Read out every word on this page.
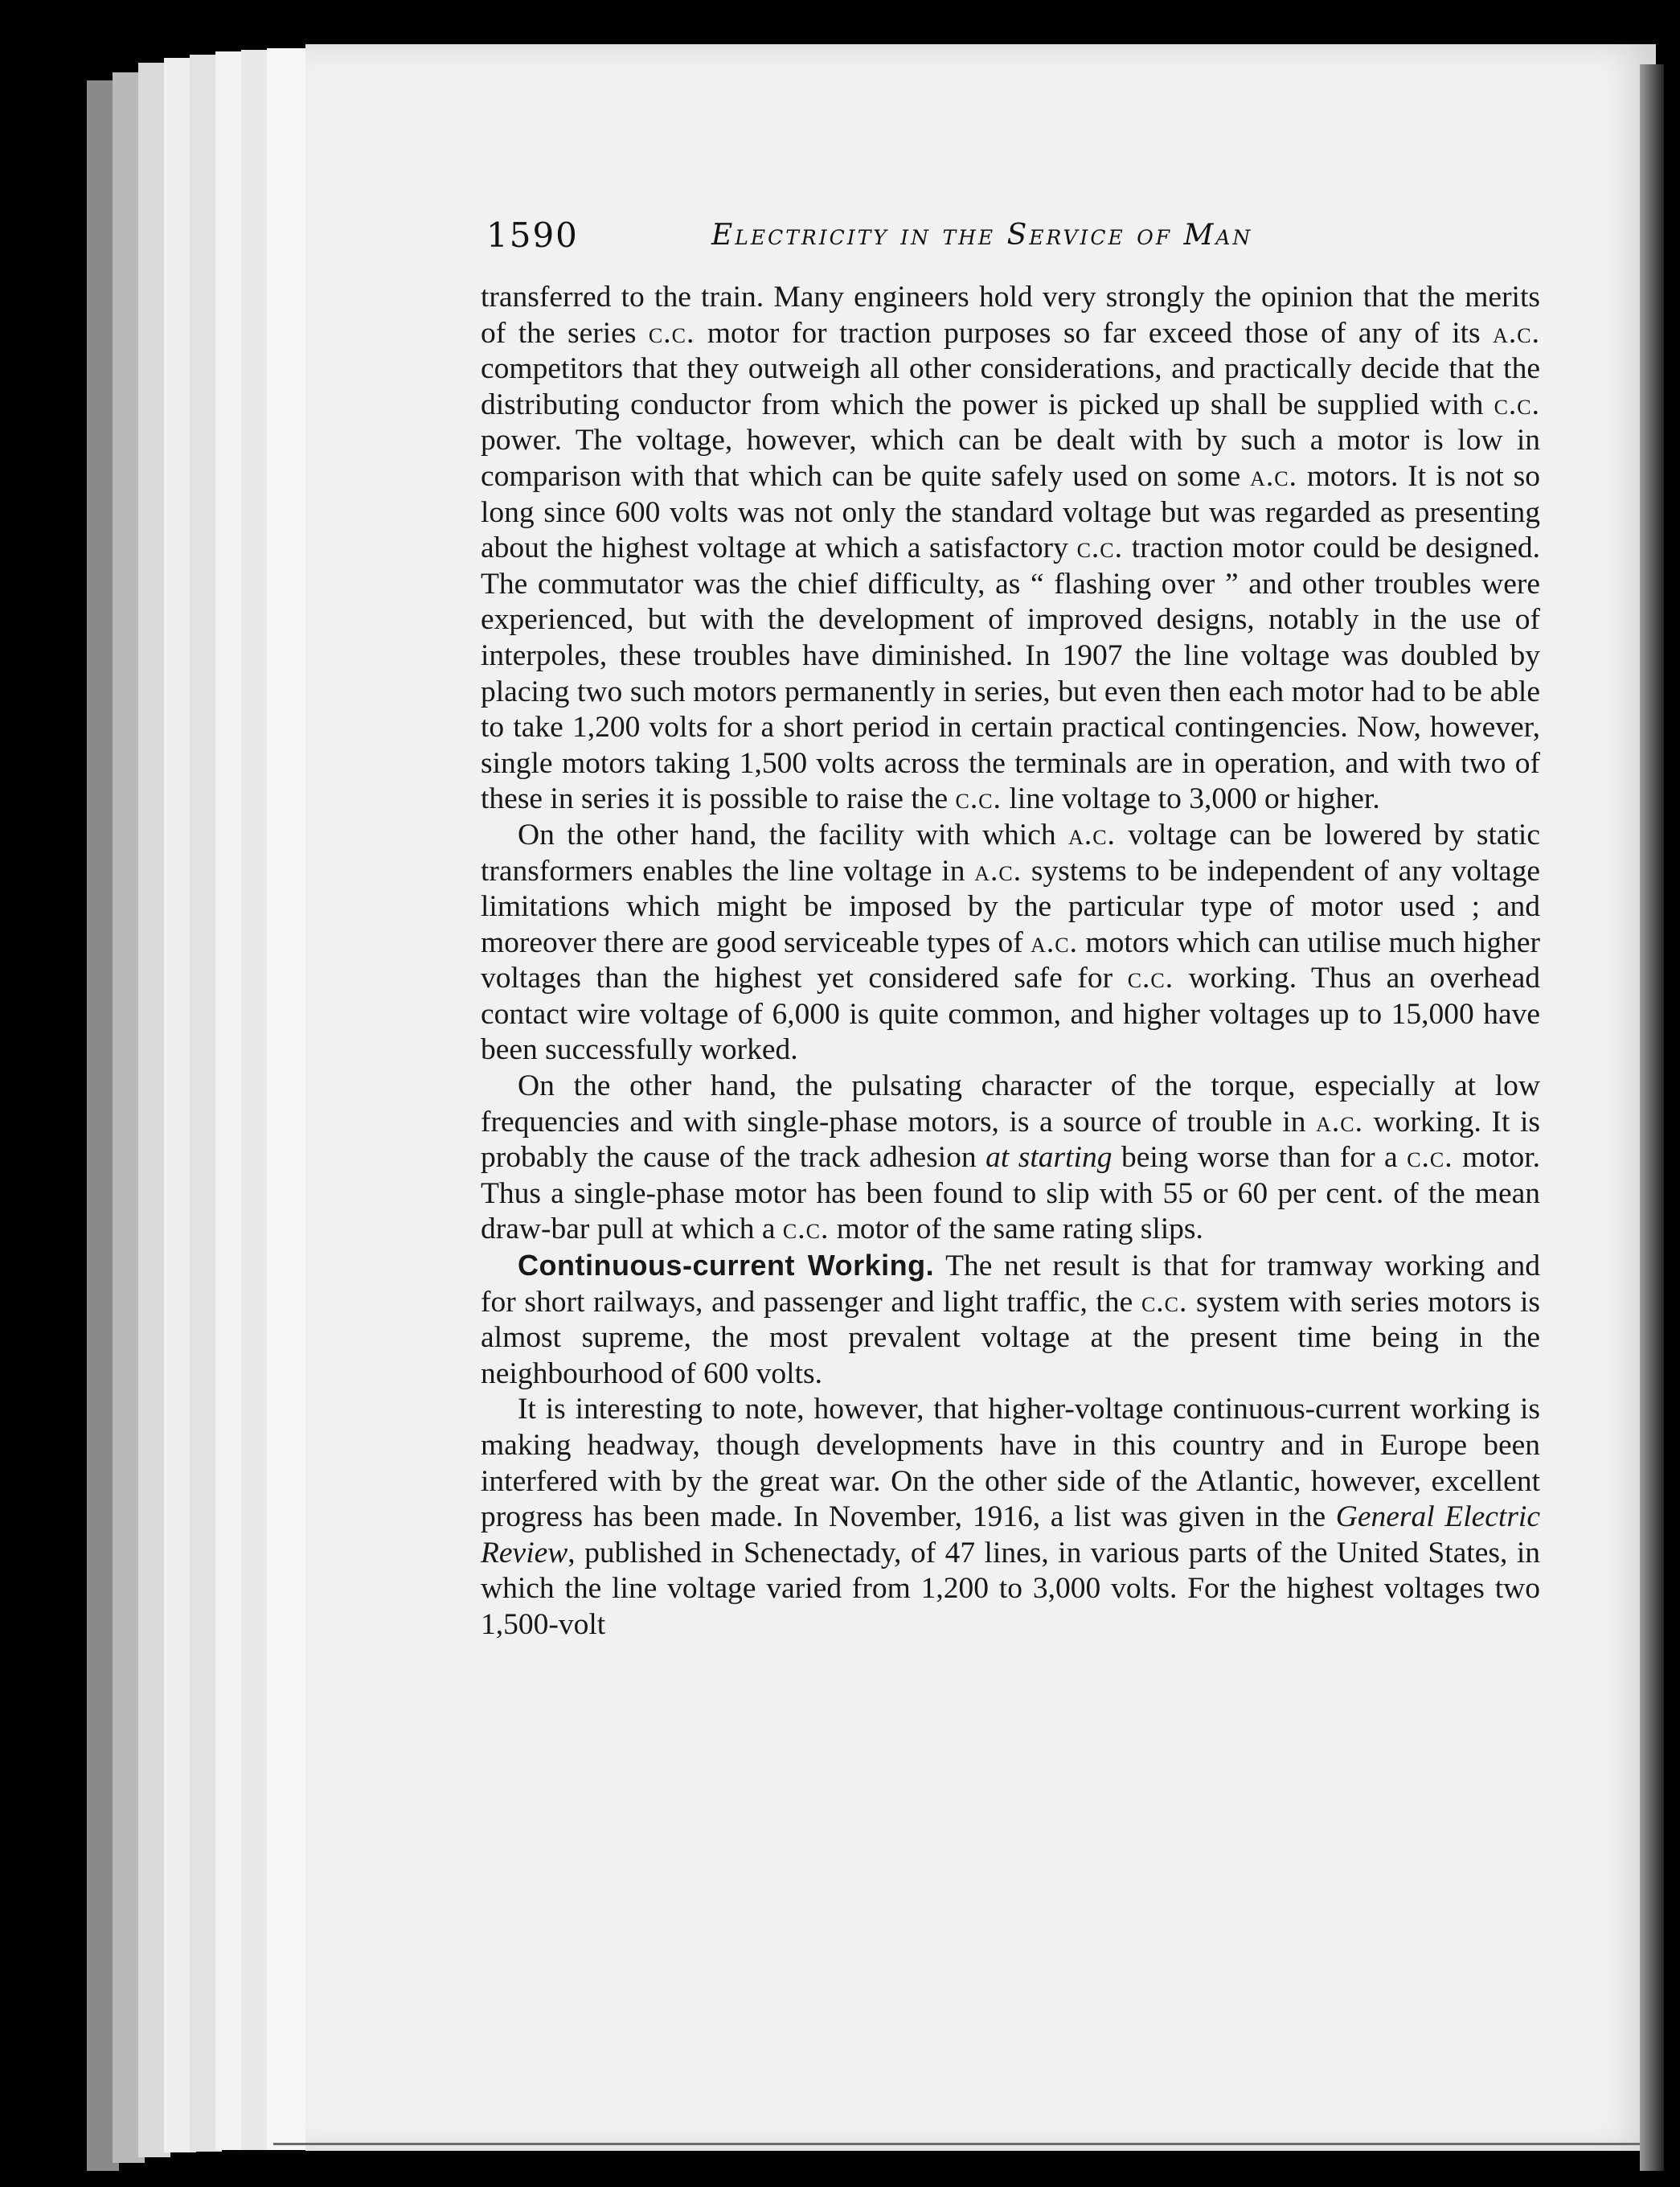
1590	Electricity in the Service of Man

transferred to the train. Many engineers hold very strongly the opinion that the merits of the series c.c. motor for traction purposes so far exceed those of any of its a.c. competitors that they outweigh all other considerations, and practically decide that the distributing conductor from which the power is picked up shall be supplied with c.c. power. The voltage, however, which can be dealt with by such a motor is low in comparison with that which can be quite safely used on some a.c. motors. It is not so long since 600 volts was not only the standard voltage but was regarded as presenting about the highest voltage at which a satisfactory c.c. traction motor could be designed. The commutator was the chief difficulty, as “ flashing over ” and other troubles were experienced, but with the development of improved designs, notably in the use of interpoles, these troubles have diminished. In 1907 the line voltage was doubled by placing two such motors permanently in series, but even then each motor had to be able to take 1,200 volts for a short period in certain practical contingencies. Now, however, single motors taking 1,500 volts across the terminals are in operation, and with two of these in series it is possible to raise the c.c. line voltage to 3,000 or higher.

On the other hand, the facility with which a.c. voltage can be lowered by static transformers enables the line voltage in a.c. systems to be independent of any voltage limitations which might be imposed by the particular type of motor used ; and moreover there are good serviceable types of a.c. motors which can utilise much higher voltages than the highest yet considered safe for c.c. working. Thus an overhead contact wire voltage of 6,000 is quite common, and higher voltages up to 15,000 have been successfully worked.

On the other hand, the pulsating character of the torque, especially at low frequencies and with single-phase motors, is a source of trouble in a.c. working. It is probably the cause of the track adhesion at starting being worse than for a c.c. motor. Thus a single-phase motor has been found to slip with 55 or 60 per cent. of the mean draw-bar pull at which a c.c. motor of the same rating slips.

Continuous-current Working. The net result is that for tramway working and for short railways, and passenger and light traffic, the c.c. system with series motors is almost supreme, the most prevalent voltage at the present time being in the neighbourhood of 600 volts.

It is interesting to note, however, that higher-voltage continuous-current working is making headway, though developments have in this country and in Europe been interfered with by the great war. On the other side of the Atlantic, however, excellent progress has been made. In November, 1916, a list was given in the General Electric Review, published in Schenectady, of 47 lines, in various parts of the United States, in which the line voltage varied from 1,200 to 3,000 volts. For the highest voltages two 1,500-volt
